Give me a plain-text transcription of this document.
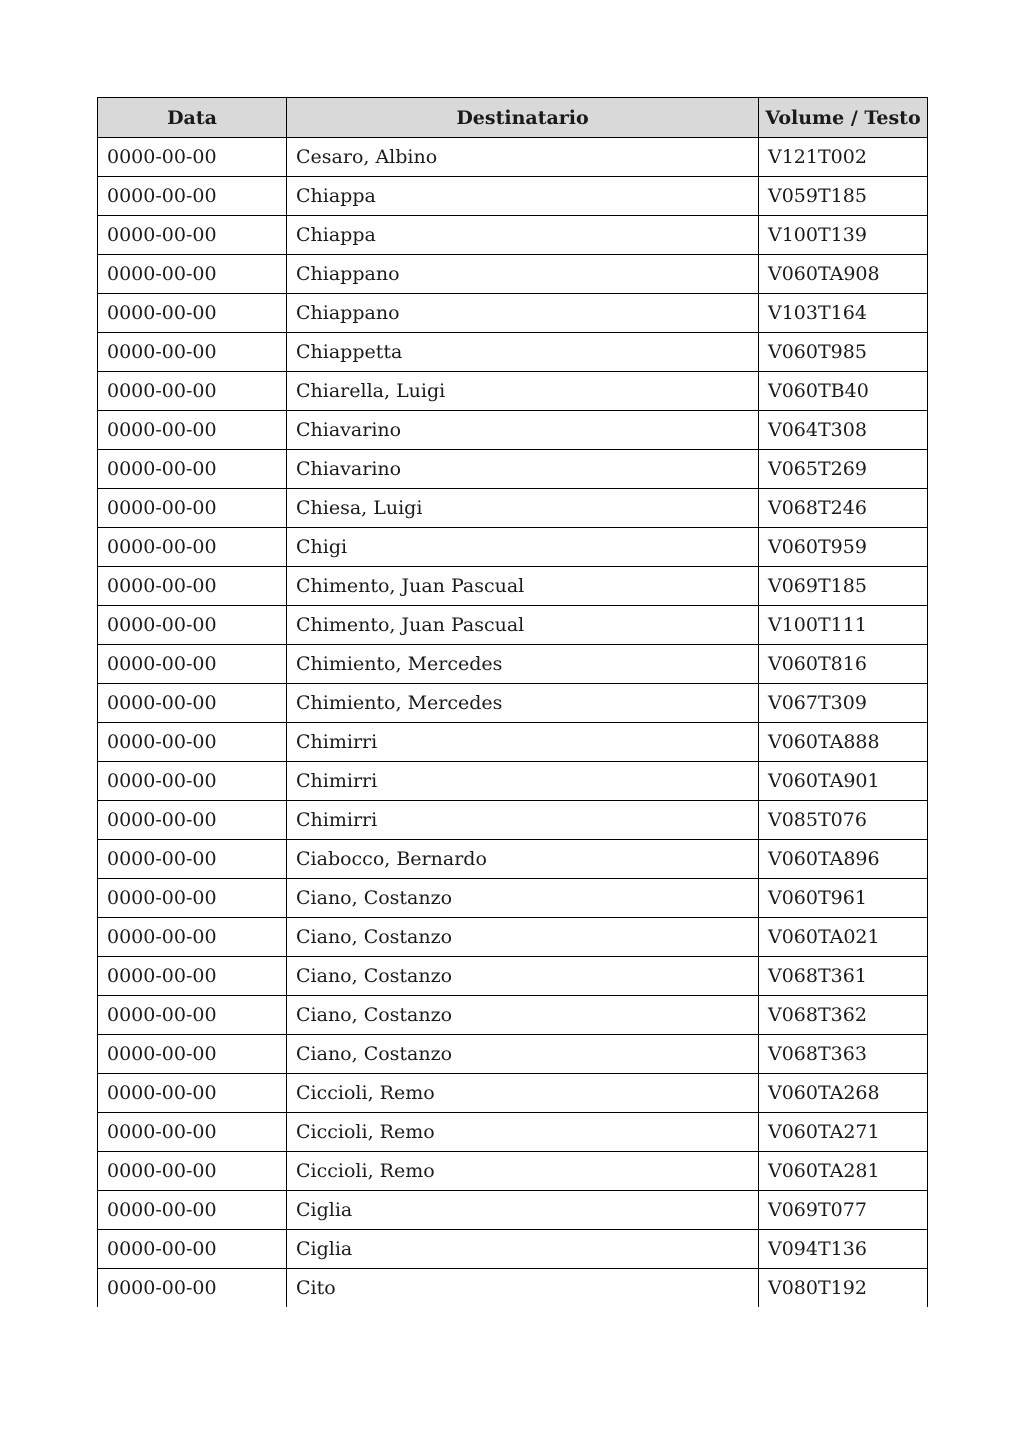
Data	Destinatario	Volume / Testo
0000-00-00	Cesaro, Albino	V121T002
0000-00-00	Chiappa	V059T185
0000-00-00	Chiappa	V100T139
0000-00-00	Chiappano	V060TA908
0000-00-00	Chiappano	V103T164
0000-00-00	Chiappetta	V060T985
0000-00-00	Chiarella, Luigi	V060TB40
0000-00-00	Chiavarino	V064T308
0000-00-00	Chiavarino	V065T269
0000-00-00	Chiesa, Luigi	V068T246
0000-00-00	Chigi	V060T959
0000-00-00	Chimento, Juan Pascual	V069T185
0000-00-00	Chimento, Juan Pascual	V100T111
0000-00-00	Chimiento, Mercedes	V060T816
0000-00-00	Chimiento, Mercedes	V067T309
0000-00-00	Chimirri	V060TA888
0000-00-00	Chimirri	V060TA901
0000-00-00	Chimirri	V085T076
0000-00-00	Ciabocco, Bernardo	V060TA896
0000-00-00	Ciano, Costanzo	V060T961
0000-00-00	Ciano, Costanzo	V060TA021
0000-00-00	Ciano, Costanzo	V068T361
0000-00-00	Ciano, Costanzo	V068T362
0000-00-00	Ciano, Costanzo	V068T363
0000-00-00	Ciccioli, Remo	V060TA268
0000-00-00	Ciccioli, Remo	V060TA271
0000-00-00	Ciccioli, Remo	V060TA281
0000-00-00	Ciglia	V069T077
0000-00-00	Ciglia	V094T136
0000-00-00	Cito	V080T192
